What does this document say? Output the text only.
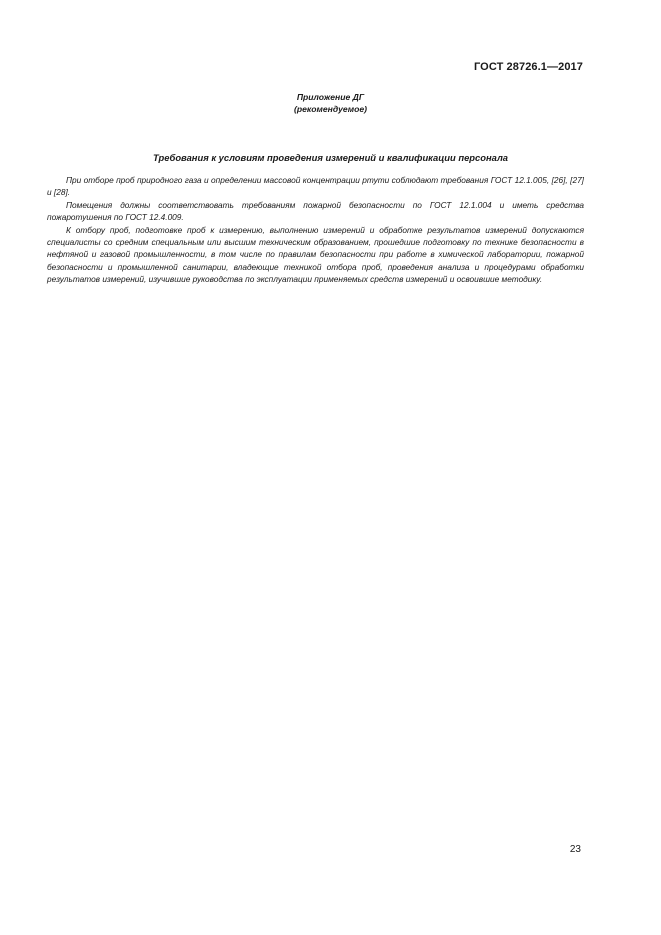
ГОСТ 28726.1—2017
Приложение ДГ
(рекомендуемое)
Требования к условиям проведения измерений и квалификации персонала

При отборе проб природного газа и определении массовой концентрации ртути соблюдают требования ГОСТ 12.1.005, [26], [27] и [28].

Помещения должны соответствовать требованиям пожарной безопасности по ГОСТ 12.1.004 и иметь средства пожаротушения по ГОСТ 12.4.009.

К отбору проб, подготовке проб к измерению, выполнению измерений и обработке результатов измерений допускаются специалисты со средним специальным или высшим техническим образованием, прошедшие подготовку по технике безопасности в нефтяной и газовой промышленности, в том числе по правилам безопасности при работе в химической лаборатории, пожарной безопасности и промышленной санитарии, владеющие техникой отбора проб, проведения анализа и процедурами обработки результатов измерений, изучившие руководства по эксплуатации применяемых средств измерений и освоившие методику.

23
